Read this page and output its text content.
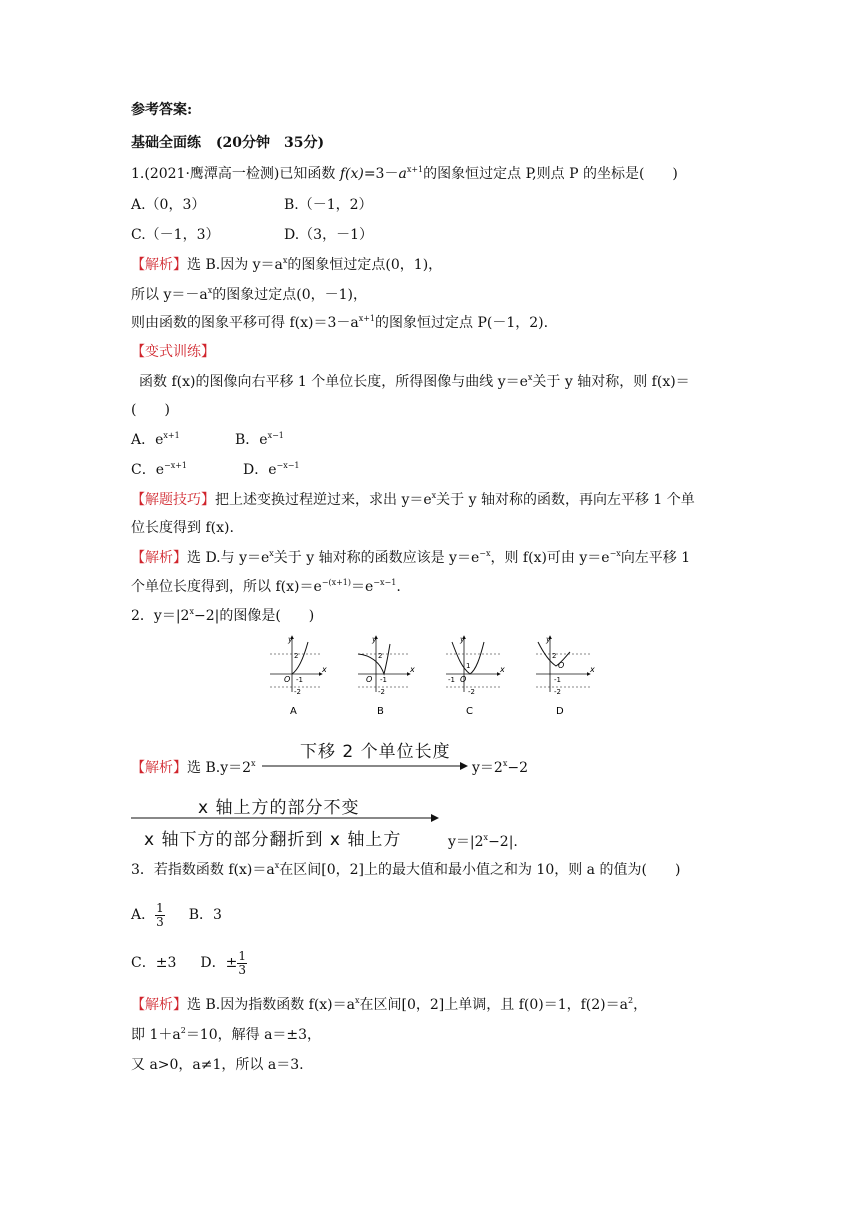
参考答案:
基础全面练 (20分钟　35分)
1.(2021·鹰潭高一检测)已知函数 $f(x)=3-a^{x+1}$的图象恒过定点 P,则点 P 的坐标是(　　)
A.（0，3）	B.（－1，2）
C.（－1，3）	D.（3，－1）
【解析】选 B.因为 $y=a^x$的图象恒过定点(0，1)，
所以 $y=-a^x$的图象过定点(0，－1)，
则由函数的图象平移可得 $f(x)=3-a^{x+1}$的图象恒过定点 P(－1，2).
【变式训练】
函数 f(x)的图像向右平移 1 个单位长度，所得图像与曲线 $y=e^x$关于 y 轴对称，则 f(x)＝
(　　)
A．$e^{x+1}$	B．$e^{x-1}$
C．$e^{-x+1}$	D．$e^{-x-1}$
【解题技巧】把上述变换过程逆过来，求出 $y=e^x$关于 y 轴对称的函数，再向左平移 1 个单
位长度得到 f(x).
【解析】选 D.与 $y=e^x$关于 y 轴对称的函数应该是 $y=e^{-x}$，则 f(x)可由 $y=e^{-x}$向左平移 1
个单位长度得到，所以 $f(x)=e^{-(x+1)}=e^{-x-1}$.
2．$y=|2^x-2|$的图像是(　　)
y
x
O
2
-1
-2
A
y
x
O
2
-1
-2
B
y
x
1
-1 O
-2
C
y
x
2
O
-1
-2
D
下移 2 个单位长度
【解析】选 $B.y=2^x$	$y=2^x-2$
x 轴上方的部分不变
x 轴下方的部分翻折到 x 轴上方	$y=|2^x-2|$.
3．若指数函数 $f(x)=a^x$在区间[0，2]上的最大值和最小值之和为 10，则 a 的值为(　　)
A． $\frac{1}{3}$ B．3
C．±3 D．± $\frac{1}{3}$
【解析】选 B.因为指数函数 $f(x)=a^x$在区间[0，2]上单调，且 f(0)＝1，$f(2)=a^2$，
即 $1+a^2=10$，解得 a＝±3，
又 a>0，a≠1，所以 a＝3.
